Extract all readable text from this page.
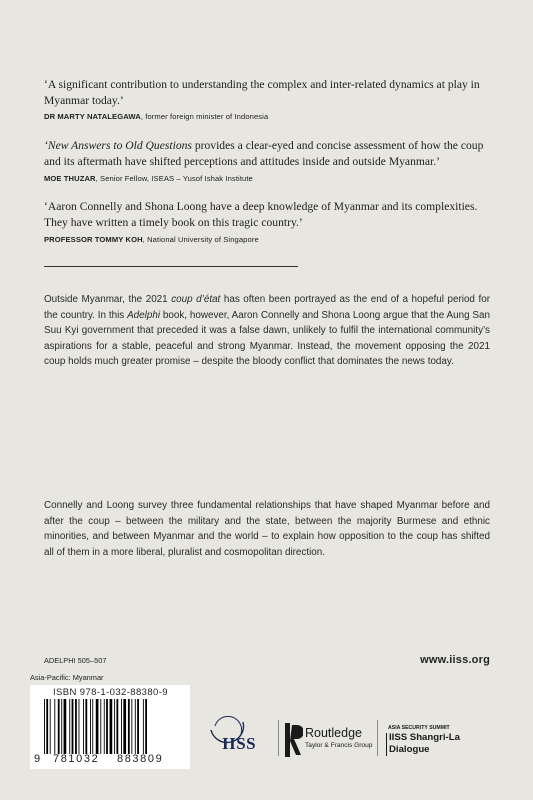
‘A significant contribution to understanding the complex and inter-related dynamics at play in Myanmar today.’
DR MARTY NATALEGAWA, former foreign minister of Indonesia
‘New Answers to Old Questions provides a clear-eyed and concise assessment of how the coup and its aftermath have shifted perceptions and attitudes inside and outside Myanmar.’
MOE THUZAR, Senior Fellow, ISEAS – Yusof Ishak Institute
‘Aaron Connelly and Shona Loong have a deep knowledge of Myanmar and its complexities. They have written a timely book on this tragic country.’
PROFESSOR TOMMY KOH, National University of Singapore
Outside Myanmar, the 2021 coup d’état has often been portrayed as the end of a hopeful period for the country. In this Adelphi book, however, Aaron Connelly and Shona Loong argue that the Aung San Suu Kyi government that preceded it was a false dawn, unlikely to fulfil the international community’s aspirations for a stable, peaceful and strong Myanmar. Instead, the movement opposing the 2021 coup holds much greater promise – despite the bloody conflict that dominates the news today.
Connelly and Loong survey three fundamental relationships that have shaped Myanmar before and after the coup – between the military and the state, between the majority Burmese and ethnic minorities, and between Myanmar and the world – to explain how opposition to the coup has shifted all of them in a more liberal, pluralist and cosmopolitan direction.
ADELPHI 505–507	www.iiss.org
Asia-Pacific: Myanmar
ISBN 978-1-032-88380-9
9 781032 883809
IISS
Routledge
Taylor & Francis Group
ASIA SECURITY SUMMIT
IISS Shangri-La
Dialogue
